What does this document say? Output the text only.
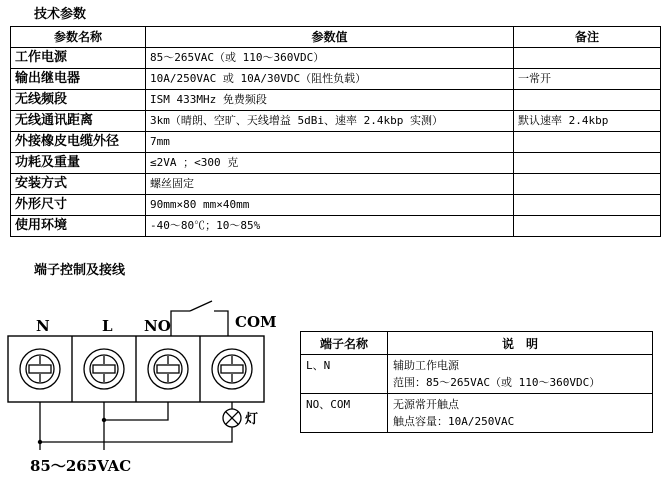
技术参数
参数名称	参数值	备注
工作电源	85～265VAC（或 110～360VDC）	
输出继电器	10A/250VAC 或 10A/30VDC（阻性负载）	一常开
无线频段	ISM 433MHz 免费频段	
无线通讯距离	3km（晴朗、空旷、天线增益 5dBi、速率 2.4kbp 实测）	默认速率 2.4kbp
外接橡皮电缆外径	7mm	
功耗及重量	≤2VA ；<300 克	
安装方式	螺丝固定	
外形尺寸	90mm×80 mm×40mm	
使用环境	-40～80℃；10～85%	
端子控制及接线
N	L NO	COM
灯
85～265VAC
端子名称	说　明
L、N	辅助工作电源
范围：85～265VAC（或 110～360VDC）

NO、COM	无源常开触点
触点容量：10A/250VAC
